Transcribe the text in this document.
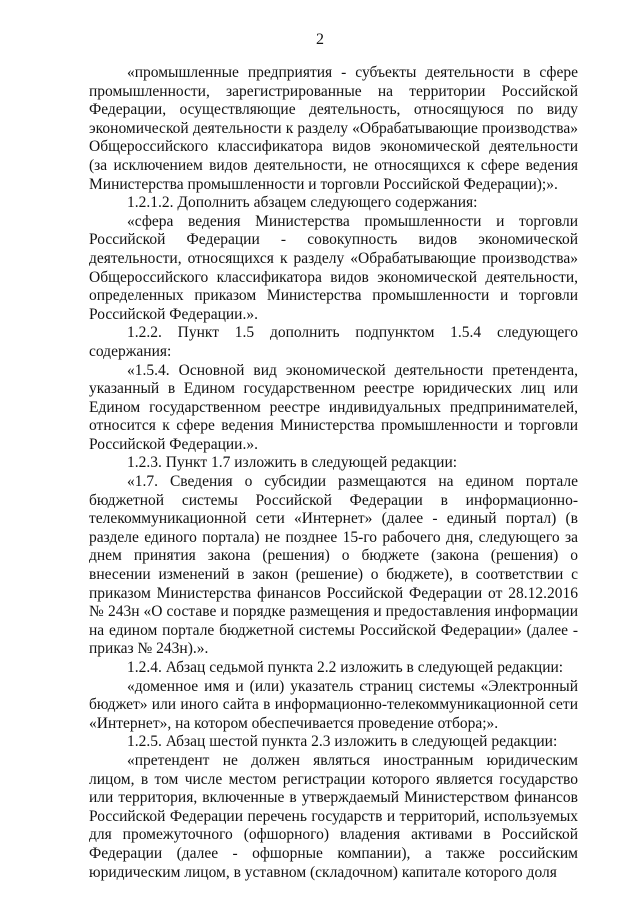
2

«промышленные предприятия - субъекты деятельности в сфере промышленности, зарегистрированные на территории Российской Федерации, осуществляющие деятельность, относящуюся по виду экономической деятельности к разделу «Обрабатывающие производства» Общероссийского классификатора видов экономической деятельности (за исключением видов деятельности, не относящихся к сфере ведения Министерства промышленности и торговли Российской Федерации);».

1.2.1.2. Дополнить абзацем следующего содержания:

«сфера ведения Министерства промышленности и торговли Российской Федерации - совокупность видов экономической деятельности, относящихся к разделу «Обрабатывающие производства» Общероссийского классификатора видов экономической деятельности, определенных приказом Министерства промышленности и торговли Российской Федерации.».

1.2.2. Пункт 1.5 дополнить подпунктом 1.5.4 следующего содержания:

«1.5.4. Основной вид экономической деятельности претендента, указанный в Едином государственном реестре юридических лиц или Едином государственном реестре индивидуальных предпринимателей, относится к сфере ведения Министерства промышленности и торговли Российской Федерации.».

1.2.3. Пункт 1.7 изложить в следующей редакции:

«1.7. Сведения о субсидии размещаются на едином портале бюджетной системы Российской Федерации в информационно-телекоммуникационной сети «Интернет» (далее - единый портал) (в разделе единого портала) не позднее 15-го рабочего дня, следующего за днем принятия закона (решения) о бюджете (закона (решения) о внесении изменений в закон (решение) о бюджете), в соответствии с приказом Министерства финансов Российской Федерации от 28.12.2016 № 243н «О составе и порядке размещения и предоставления информации на едином портале бюджетной системы Российской Федерации» (далее - приказ № 243н).».

1.2.4. Абзац седьмой пункта 2.2 изложить в следующей редакции:

«доменное имя и (или) указатель страниц системы «Электронный бюджет» или иного сайта в информационно-телекоммуникационной сети «Интернет», на котором обеспечивается проведение отбора;».

1.2.5. Абзац шестой пункта 2.3 изложить в следующей редакции:

«претендент не должен являться иностранным юридическим лицом, в том числе местом регистрации которого является государство или территория, включенные в утверждаемый Министерством финансов Российской Федерации перечень государств и территорий, используемых для промежуточного (офшорного) владения активами в Российской Федерации (далее - офшорные компании), а также российским юридическим лицом, в уставном (складочном) капитале которого доля
